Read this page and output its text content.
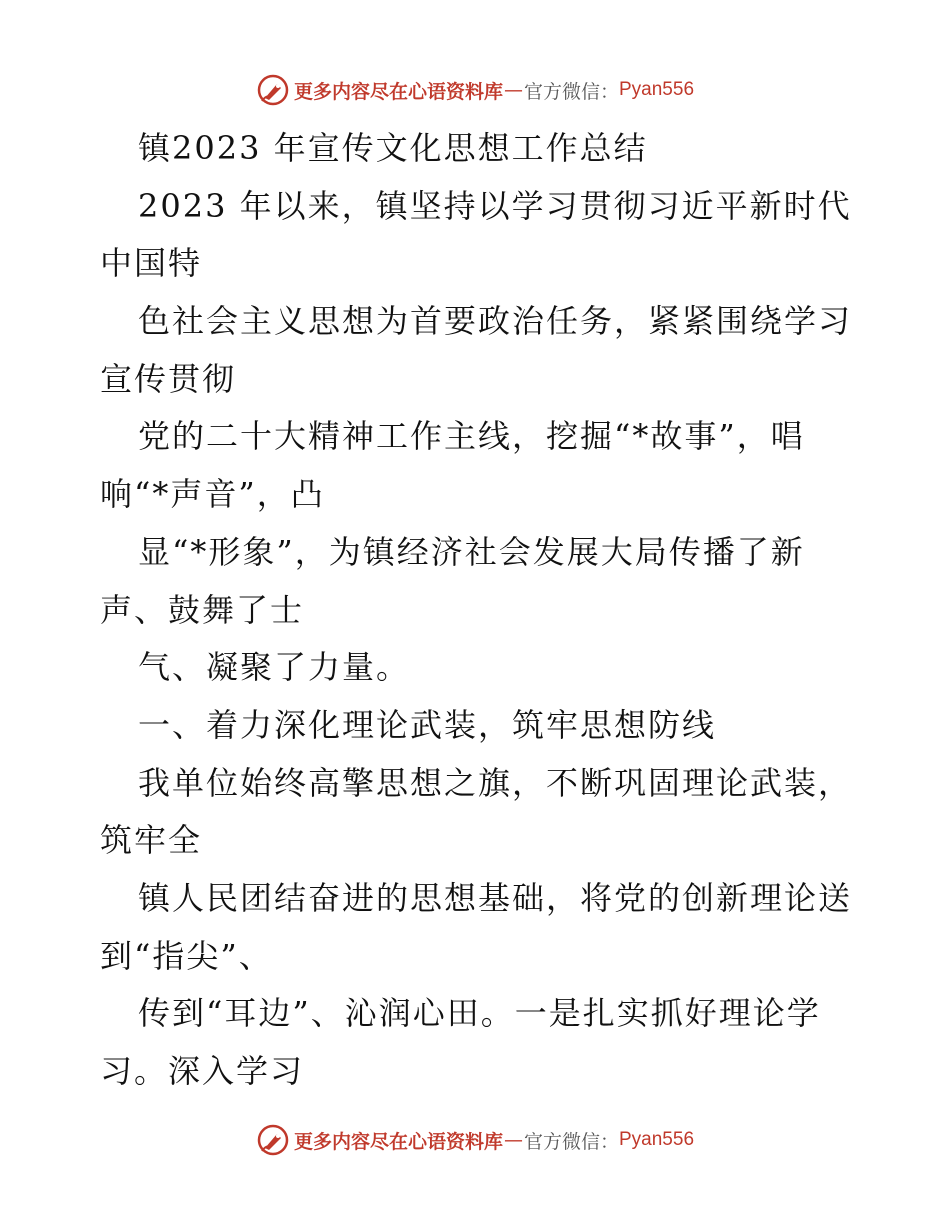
更多内容尽在心语资料库 — 官方微信： Pyan556
镇2023 年宣传文化思想工作总结
2023 年以来，镇坚持以学习贯彻习近平新时代
中国特
色社会主义思想为首要政治任务，紧紧围绕学习
宣传贯彻
党的二十大精神工作主线，挖掘“*故事”，唱
响“*声音”，凸
显“*形象”，为镇经济社会发展大局传播了新
声、鼓舞了士
气、凝聚了力量。
一、着力深化理论武装，筑牢思想防线
我单位始终高擎思想之旗，不断巩固理论武装，
筑牢全
镇人民团结奋进的思想基础，将党的创新理论送
到“指尖”、
传到“耳边”、沁润心田。一是扎实抓好理论学
习。深入学习
更多内容尽在心语资料库 — 官方微信： Pyan556
